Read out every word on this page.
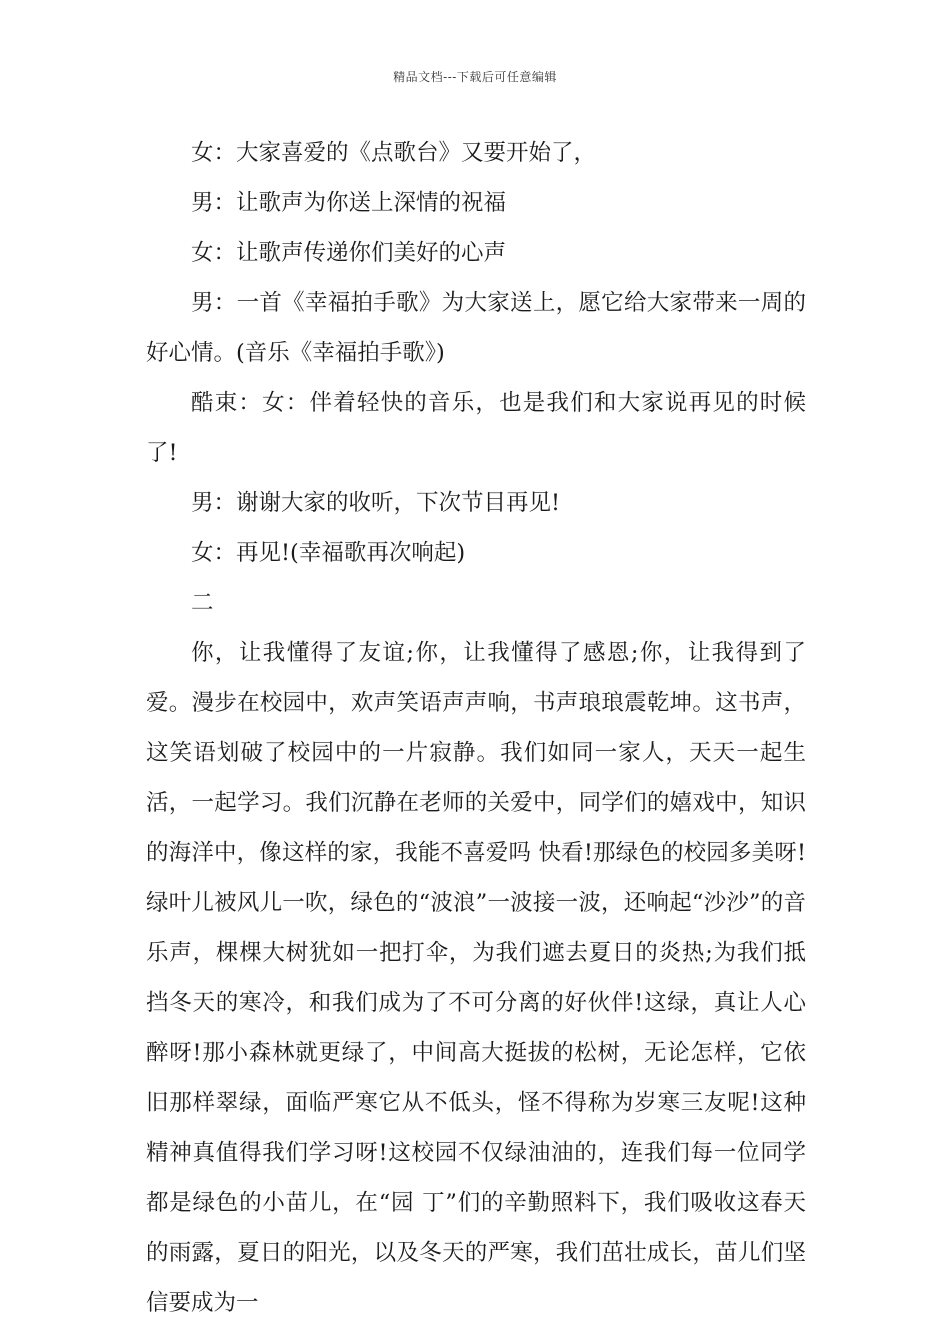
精品文档---下载后可任意编辑

女：大家喜爱的《点歌台》又要开始了，

男：让歌声为你送上深情的祝福

女：让歌声传递你们美好的心声

男：一首《幸福拍手歌》为大家送上，愿它给大家带来一周的好心情。(音乐《幸福拍手歌》)

酷束：女：伴着轻快的音乐，也是我们和大家说再见的时候了!

男：谢谢大家的收听，下次节目再见!

女：再见!(幸福歌再次响起)

二

你，让我懂得了友谊;你，让我懂得了感恩;你，让我得到了爱。漫步在校园中，欢声笑语声声响，书声琅琅震乾坤。这书声，这笑语划破了校园中的一片寂静。我们如同一家人，天天一起生活，一起学习。我们沉静在老师的关爱中，同学们的嬉戏中，知识的海洋中，像这样的家，我能不喜爱吗 快看!那绿色的校园多美呀!绿叶儿被风儿一吹，绿色的“波浪”一波接一波，还响起“沙沙”的音乐声，棵棵大树犹如一把打伞，为我们遮去夏日的炎热;为我们抵挡冬天的寒冷，和我们成为了不可分离的好伙伴!这绿，真让人心醉呀!那小森林就更绿了，中间高大挺拔的松树，无论怎样，它依旧那样翠绿，面临严寒它从不低头，怪不得称为岁寒三友呢!这种精神真值得我们学习呀!这校园不仅绿油油的，连我们每一位同学都是绿色的小苗儿，在“园 丁”们的辛勤照料下，我们吸收这春天的雨露，夏日的阳光，以及冬天的严寒，我们茁壮成长，苗儿们坚信要成为一
